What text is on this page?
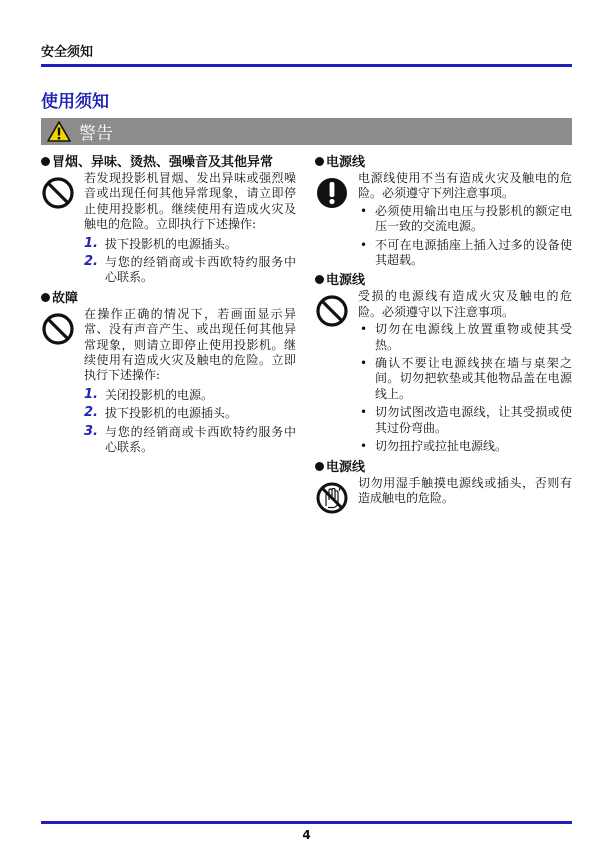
安全须知
使用须知
警告
冒烟、异味、烫热、强噪音及其他异常

若发现投影机冒烟、发出异味或强烈噪音或出现任何其他异常现象，请立即停止使用投影机。继续使用有造成火灾及触电的危险。立即执行下述操作:

1. 拔下投影机的电源插头。
2. 与您的经销商或卡西欧特约服务中心联系。
故障

在操作正确的情况下，若画面显示异常、没有声音产生、或出现任何其他异常现象，则请立即停止使用投影机。继续使用有造成火灾及触电的危险。立即执行下述操作:

1. 关闭投影机的电源。
2. 拔下投影机的电源插头。
3. 与您的经销商或卡西欧特约服务中心联系。
电源线

电源线使用不当有造成火灾及触电的危险。必须遵守下列注意事项。

• 必须使用输出电压与投影机的额定电压一致的交流电源。
• 不可在电源插座上插入过多的设备使其超载。
电源线

受损的电源线有造成火灾及触电的危险。必须遵守以下注意事项。

• 切勿在电源线上放置重物或使其受热。
• 确认不要让电源线挟在墙与桌架之间。切勿把软垫或其他物品盖在电源线上。
• 切勿试图改造电源线，让其受损或使其过份弯曲。
• 切勿扭拧或拉扯电源线。
电源线

切勿用湿手触摸电源线或插头，否则有造成触电的危险。

4
